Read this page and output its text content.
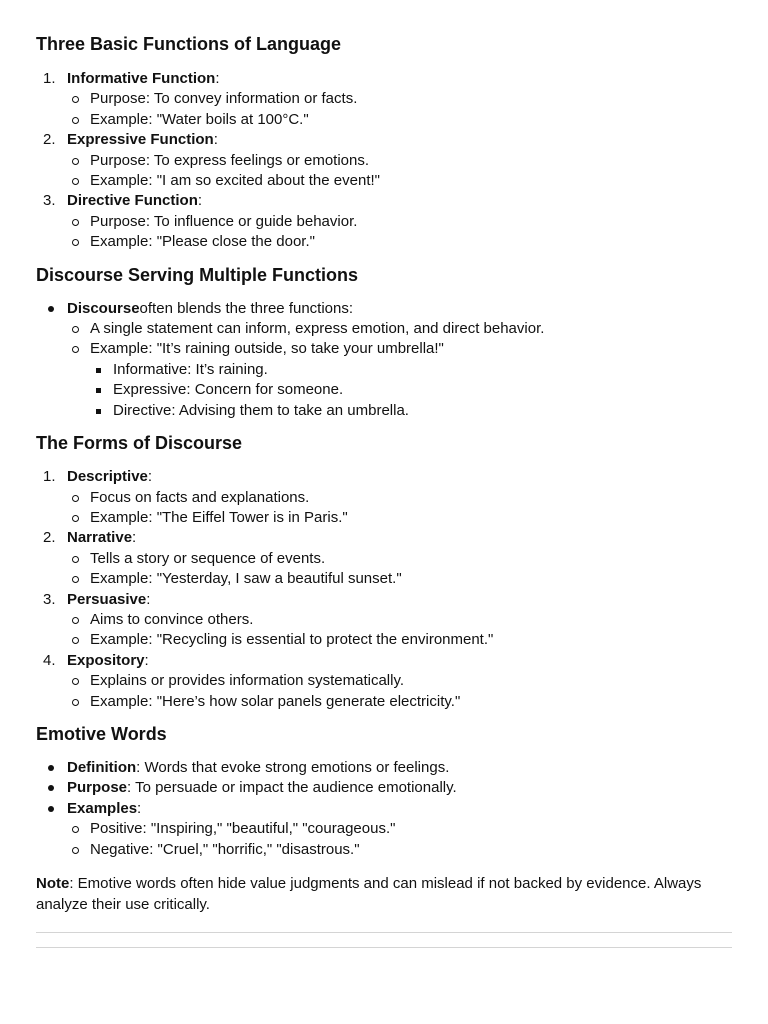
Three Basic Functions of Language
1. Informative Function:
Purpose: To convey information or facts.
Example: "Water boils at 100°C."
2. Expressive Function:
Purpose: To express feelings or emotions.
Example: "I am so excited about the event!"
3. Directive Function:
Purpose: To influence or guide behavior.
Example: "Please close the door."
Discourse Serving Multiple Functions
Discourseoften blends the three functions:
A single statement can inform, express emotion, and direct behavior.
Example: "It’s raining outside, so take your umbrella!"
Informative: It’s raining.
Expressive: Concern for someone.
Directive: Advising them to take an umbrella.
The Forms of Discourse
1. Descriptive:
Focus on facts and explanations.
Example: "The Eiffel Tower is in Paris."
2. Narrative:
Tells a story or sequence of events.
Example: "Yesterday, I saw a beautiful sunset."
3. Persuasive:
Aims to convince others.
Example: "Recycling is essential to protect the environment."
4. Expository:
Explains or provides information systematically.
Example: "Here’s how solar panels generate electricity."
Emotive Words
Definition: Words that evoke strong emotions or feelings.
Purpose: To persuade or impact the audience emotionally.
Examples:
Positive: "Inspiring," "beautiful," "courageous."
Negative: "Cruel," "horrific," "disastrous."

Note: Emotive words often hide value judgments and can mislead if not backed by evidence. Always analyze their use critically.
